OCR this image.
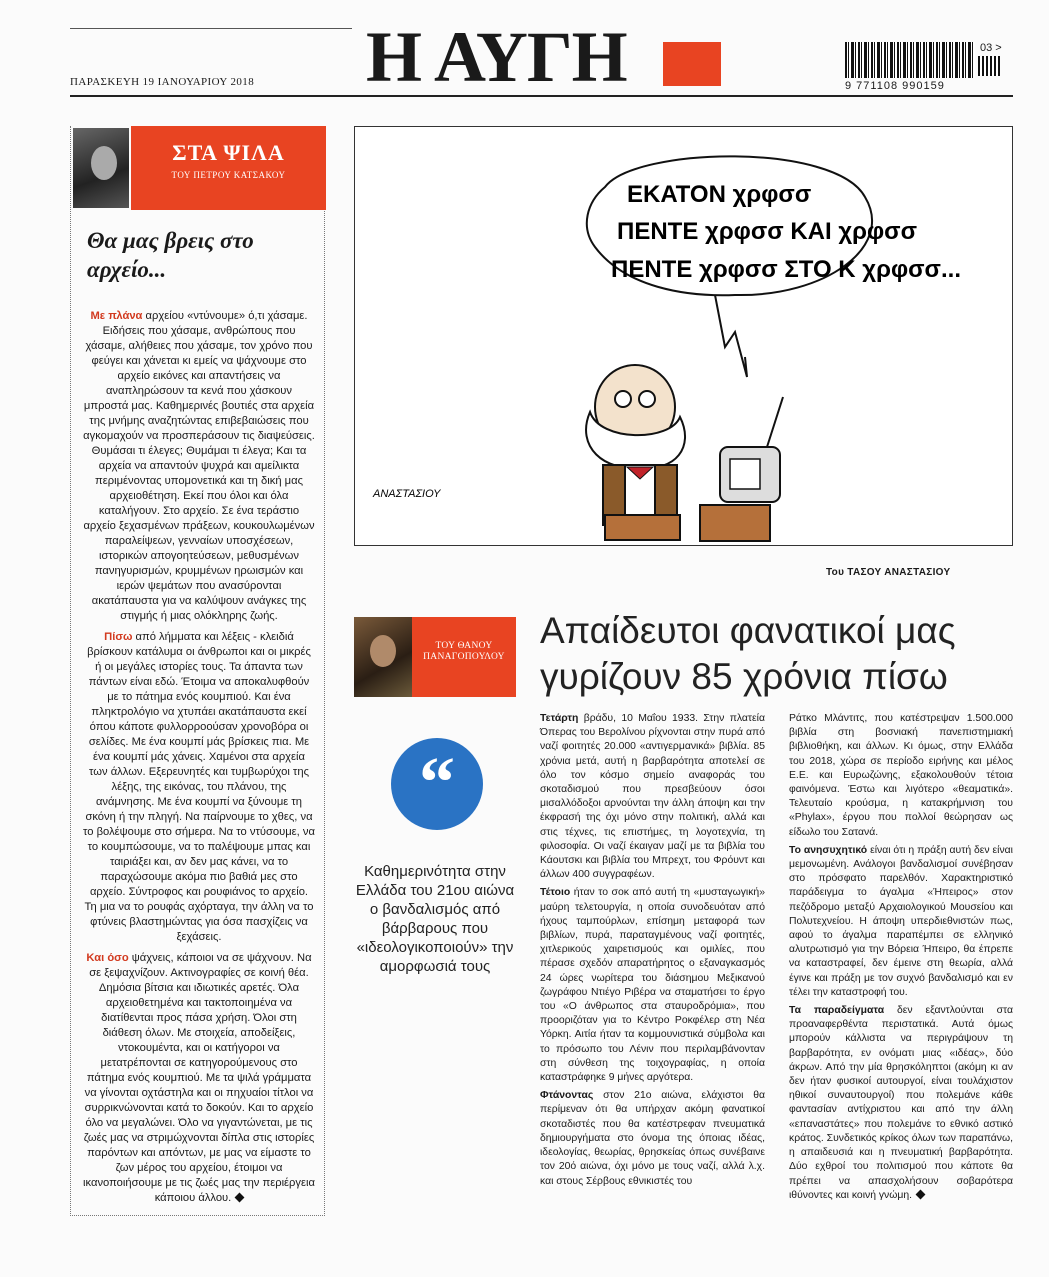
ΠΑΡΑΣΚΕΥΗ 19 ΙΑΝΟΥΑΡΙΟΥ 2018 Η ΑΥΓΗ	9 771108 990159
03 >
ΣΤΑ ΨΙΛΑ
ΤΟΥ ΠΕΤΡΟΥ ΚΑΤΣΑΚΟΥ
Θα μας βρεις στο αρχείο...

Με πλάνα αρχείου «ντύνουμε» ό,τι χάσαμε. Ειδήσεις που χάσαμε, ανθρώπους που χάσαμε, αλήθειες που χάσαμε, τον χρόνο που φεύγει και χάνεται κι εμείς να ψάχνουμε στο αρχείο εικόνες και απαντήσεις να αναπληρώσουν τα κενά που χάσκουν μπροστά μας. Καθημερινές βουτιές στα αρχεία της μνήμης αναζητώντας επιβεβαιώσεις που αγκομαχούν να προσπεράσουν τις διαψεύσεις. Θυμάσαι τι έλεγες; Θυμάμαι τι έλεγα; Και τα αρχεία να απαντούν ψυχρά και αμείλικτα περιμένοντας υπομονετικά και τη δική μας αρχειοθέτηση. Εκεί που όλοι και όλα καταλήγουν. Στο αρχείο. Σε ένα τεράστιο αρχείο ξεχασμένων πράξεων, κουκουλωμένων παραλείψεων, γενναίων υποσχέσεων, ιστορικών απογοητεύσεων, μεθυσμένων πανηγυρισμών, κρυμμένων ηρωισμών και ιερών ψεμάτων που ανασύρονται ακατάπαυστα για να καλύψουν ανάγκες της στιγμής ή μιας ολόκληρης ζωής.

Πίσω από λήμματα και λέξεις - κλειδιά βρίσκουν κατάλυμα οι άνθρωποι και οι μικρές ή οι μεγάλες ιστορίες τους. Τα άπαντα των πάντων είναι εδώ. Έτοιμα να αποκαλυφθούν με το πάτημα ενός κουμπιού. Και ένα πληκτρολόγιο να χτυπάει ακατάπαυστα εκεί όπου κάποτε φυλλορροούσαν χρονοβόρα οι σελίδες. Με ένα κουμπί μάς βρίσκεις πια. Με ένα κουμπί μάς χάνεις. Χαμένοι στα αρχεία των άλλων. Εξερευνητές και τυμβωρύχοι της λέξης, της εικόνας, του πλάνου, της ανάμνησης. Με ένα κουμπί να ξύνουμε τη σκόνη ή την πληγή. Να παίρνουμε το χθες, να το βολέψουμε στο σήμερα. Να το ντύσουμε, να το κουμπώσουμε, να το παλέψουμε μπας και ταιριάξει και, αν δεν μας κάνει, να το παραχώσουμε ακόμα πιο βαθιά μες στο αρχείο. Σύντροφος και ρουφιάνος το αρχείο. Τη μια να το ρουφάς αχόρταγα, την άλλη να το φτύνεις βλαστημώντας για όσα πασχίζεις να ξεχάσεις.

Και όσο ψάχνεις, κάποιοι να σε ψάχνουν. Να σε ξεψαχνίζουν. Ακτινογραφίες σε κοινή θέα. Δημόσια βίτσια και ιδιωτικές αρετές. Όλα αρχειοθετημένα και τακτοποιημένα να διατίθενται προς πάσα χρήση. Όλοι στη διάθεση όλων. Με στοιχεία, αποδείξεις, ντοκουμέντα, και οι κατήγοροι να μετατρέπονται σε κατηγορούμενους στο πάτημα ενός κουμπιού. Με τα ψιλά γράμματα να γίνονται οχτάστηλα και οι πηχυαίοι τίτλοι να συρρικνώνονται κατά το δοκούν. Και το αρχείο όλο να μεγαλώνει. Όλο να γιγαντώνεται, με τις ζωές μας να στριμώχνονται δίπλα στις ιστορίες παρόντων και απόντων, με μας να είμαστε το ζων μέρος του αρχείου, έτοιμοι να ικανοποιήσουμε με τις ζωές μας την περιέργεια κάποιου άλλου.

ΕΚΑΤΟΝ χρφσσ
ΠΕΝΤΕ χρφσσ ΚΑΙ χρφσσ
ΠΕΝΤΕ χρφσσ ΣΤΟ Κ χρφσσ...
ΑΝΑΣΤΑΣΙΟΥ
Του ΤΑΣΟΥ ΑΝΑΣΤΑΣΙΟΥ
ΤΟΥ ΘΑΝΟΥ ΠΑΝΑΓΟΠΟΥΛΟΥ
Απαίδευτοι φανατικοί μας γυρίζουν 85 χρόνια πίσω
“
Καθημερινότητα στην Ελλάδα του 21ου αιώνα ο βανδαλισμός από βάρβαρους που «ιδεολογικοποιούν» την αμορφωσιά τους

Τετάρτη βράδυ, 10 Μαΐου 1933. Στην πλατεία Όπερας του Βερολίνου ρίχνονται στην πυρά από ναζί φοιτητές 20.000 «αντιγερμανικά» βιβλία. 85 χρόνια μετά, αυτή η βαρβαρότητα αποτελεί σε όλο τον κόσμο σημείο αναφοράς του σκοταδισμού που πρεσβεύουν όσοι μισαλλόδοξοι αρνούνται την άλλη άποψη και την έκφρασή της όχι μόνο στην πολιτική, αλλά και στις τέχνες, τις επιστήμες, τη λογοτεχνία, τη φιλοσοφία. Οι ναζί έκαιγαν μαζί με τα βιβλία του Κάουτσκι και βιβλία του Μπρεχτ, του Φρόυντ και άλλων 400 συγγραφέων.

Τέτοιο ήταν το σοκ από αυτή τη «μυσταγωγική» μαύρη τελετουργία, η οποία συνοδευόταν από ήχους ταμπούρλων, επίσημη μεταφορά των βιβλίων, πυρά, παραταγμένους ναζί φοιτητές, χιτλερικούς χαιρετισμούς και ομιλίες, που πέρασε σχεδόν απαρατήρητος ο εξαναγκασμός 24 ώρες νωρίτερα του διάσημου Μεξικανού ζωγράφου Ντιέγο Ριβέρα να σταματήσει το έργο του «Ο άνθρωπος στα σταυροδρόμια», που προοριζόταν για το Κέντρο Ροκφέλερ στη Νέα Υόρκη. Αιτία ήταν τα κομμουνιστικά σύμβολα και το πρόσωπο του Λένιν που περιλαμβάνονταν στη σύνθεση της τοιχογραφίας, η οποία καταστράφηκε 9 μήνες αργότερα.

Φτάνοντας στον 21ο αιώνα, ελάχιστοι θα περίμεναν ότι θα υπήρχαν ακόμη φανατικοί σκοταδιστές που θα κατέστρεφαν πνευματικά δημιουργήματα στο όνομα της όποιας ιδέας, ιδεολογίας, θεωρίας, θρησκείας όπως συνέβαινε τον 20ό αιώνα, όχι μόνο με τους ναζί, αλλά λ.χ. και στους Σέρβους εθνικιστές του

Ράτκο Μλάντιτς, που κατέστρεψαν 1.500.000 βιβλία στη βοσνιακή πανεπιστημιακή βιβλιοθήκη, και άλλων. Κι όμως, στην Ελλάδα του 2018, χώρα σε περίοδο ειρήνης και μέλος Ε.Ε. και Ευρωζώνης, εξακολουθούν τέτοια φαινόμενα. Έστω και λιγότερο «θεαματικά». Τελευταίο κρούσμα, η κατακρήμνιση του «Phylax», έργου που πολλοί θεώρησαν ως είδωλο του Σατανά.

Το ανησυχητικό είναι ότι η πράξη αυτή δεν είναι μεμονωμένη. Ανάλογοι βανδαλισμοί συνέβησαν στο πρόσφατο παρελθόν. Χαρακτηριστικό παράδειγμα το άγαλμα «Ήπειρος» στον πεζόδρομο μεταξύ Αρχαιολογικού Μουσείου και Πολυτεχνείου. Η άποψη υπερδιεθνιστών πως, αφού το άγαλμα παραπέμπει σε ελληνικό αλυτρωτισμό για την Βόρεια Ήπειρο, θα έπρεπε να καταστραφεί, δεν έμεινε στη θεωρία, αλλά έγινε και πράξη με τον συχνό βανδαλισμό και εν τέλει την καταστροφή του.

Τα παραδείγματα δεν εξαντλούνται στα προαναφερθέντα περιστατικά. Αυτά όμως μπορούν κάλλιστα να περιγράψουν τη βαρβαρότητα, εν ονόματι μιας «ιδέας», δύο άκρων. Από την μία θρησκόληπτοι (ακόμη κι αν δεν ήταν φυσικοί αυτουργοί, είναι τουλάχιστον ηθικοί συναυτουργοί) που πολεμάνε κάθε φαντασίαν αντίχριστου και από την άλλη «επαναστάτες» που πολεμάνε το εθνικό αστικό κράτος. Συνδετικός κρίκος όλων των παραπάνω, η απαιδευσιά και η πνευματική βαρβαρότητα. Δύο εχθροί του πολιτισμού που κάποτε θα πρέπει να απασχολήσουν σοβαρότερα ιθύνοντες και κοινή γνώμη.
